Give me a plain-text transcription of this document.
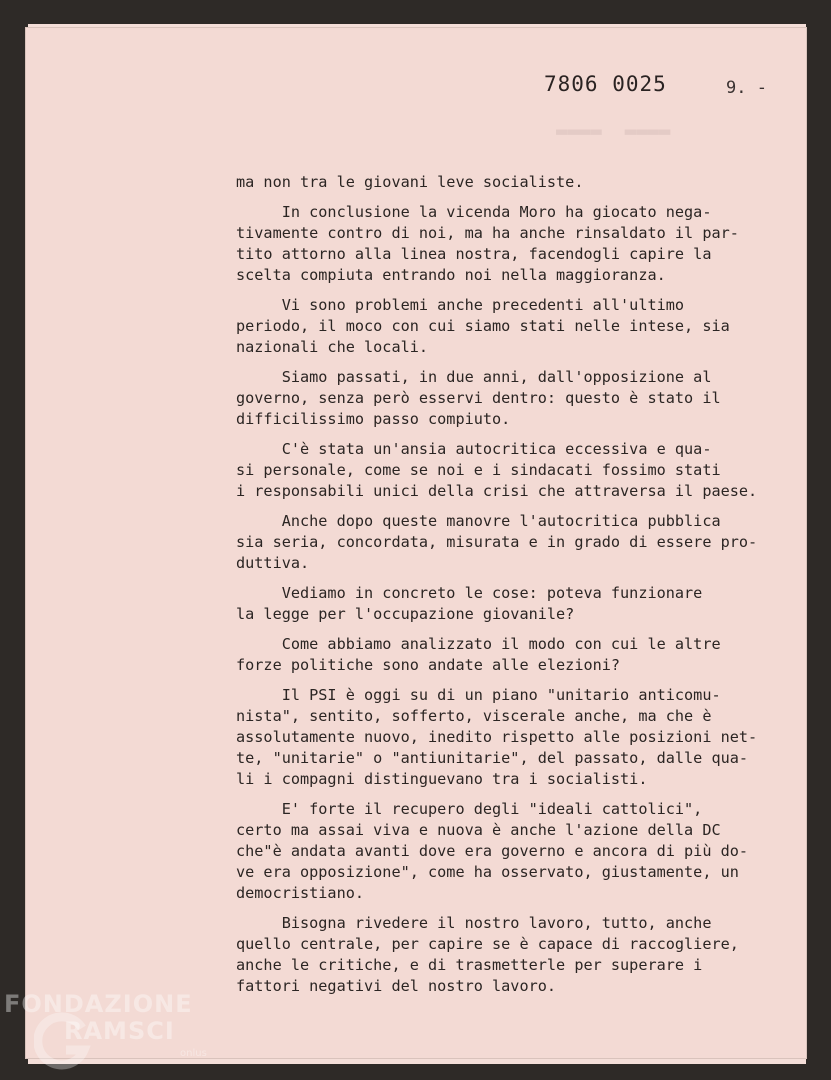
▬▬▬▬  ▬▬▬▬
7806 0025	9. -
ma non tra le giovani leve socialiste.
In conclusione la vicenda Moro ha giocato nega-
tivamente contro di noi, ma ha anche rinsaldato il par-
tito attorno alla linea nostra, facendogli capire la
scelta compiuta entrando noi nella maggioranza.
Vi sono problemi anche precedenti all'ultimo
periodo, il moco con cui siamo stati nelle intese, sia
nazionali che locali.
Siamo passati, in due anni, dall'opposizione al
governo, senza però esservi dentro: questo è stato il
difficilissimo passo compiuto.
C'è stata un'ansia autocritica eccessiva e qua-
si personale, come se noi e i sindacati fossimo stati
i responsabili unici della crisi che attraversa il paese.
Anche dopo queste manovre l'autocritica pubblica
sia seria, concordata, misurata e in grado di essere pro-
duttiva.
Vediamo in concreto le cose: poteva funzionare
la legge per l'occupazione giovanile?
Come abbiamo analizzato il modo con cui le altre
forze politiche sono andate alle elezioni?
Il PSI è oggi su di un piano "unitario anticomu-
nista", sentito, sofferto, viscerale anche, ma che è
assolutamente nuovo, inedito rispetto alle posizioni net-
te, "unitarie" o "antiunitarie", del passato, dalle qua-
li i compagni distinguevano tra i socialisti.
E' forte il recupero degli "ideali cattolici",
certo ma assai viva e nuova è anche l'azione della DC
che"è andata avanti dove era governo e ancora di più do-
ve era opposizione", come ha osservato, giustamente, un
democristiano.
Bisogna rivedere il nostro lavoro, tutto, anche
quello centrale, per capire se è capace di raccogliere,
anche le critiche, e di trasmetterle per superare i
fattori negativi del nostro lavoro.
FONDAZIONE
RAMSCI
onlus
